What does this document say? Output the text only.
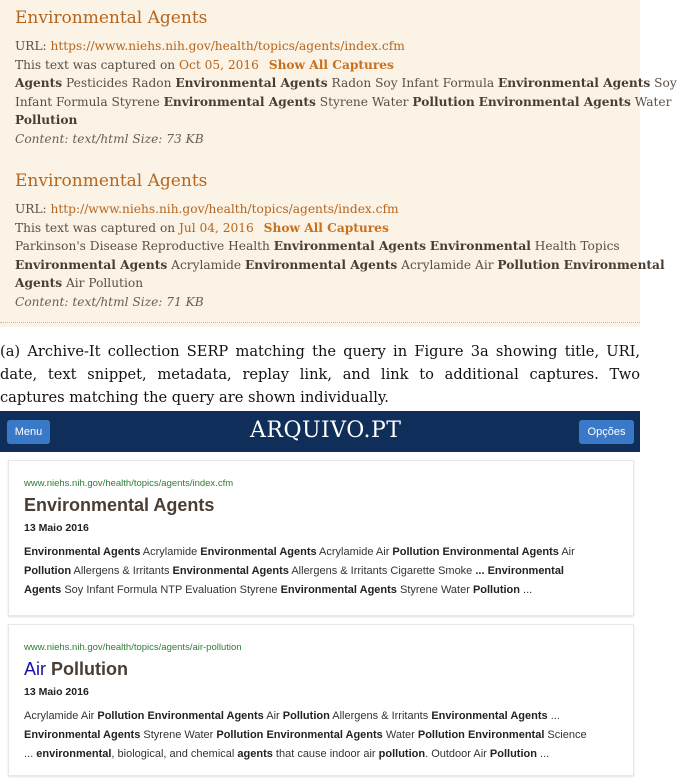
Environmental Agents
URL: https://www.niehs.nih.gov/health/topics/agents/index.cfm
This text was captured on Oct 05, 2016 Show All Captures
Agents Pesticides Radon Environmental Agents Radon Soy Infant Formula Environmental Agents Soy
Infant Formula Styrene Environmental Agents Styrene Water Pollution Environmental Agents Water
Pollution
Content: text/html Size: 73 KB
Environmental Agents
URL: http://www.niehs.nih.gov/health/topics/agents/index.cfm
This text was captured on Jul 04, 2016 Show All Captures
Parkinson's Disease Reproductive Health Environmental Agents Environmental Health Topics
Environmental Agents Acrylamide Environmental Agents Acrylamide Air Pollution Environmental
Agents Air Pollution
Content: text/html Size: 71 KB
(a) Archive-It collection SERP matching the query in Figure 3a showing title, URI, date, text snippet, metadata, replay link, and link to additional captures. Two captures matching the query are shown individually.
Menu	ARQUIVO.PT	Opções
www.niehs.nih.gov/health/topics/agents/index.cfm
Environmental Agents
13 Maio 2016
Environmental Agents Acrylamide Environmental Agents Acrylamide Air Pollution Environmental Agents Air
Pollution Allergens & Irritants Environmental Agents Allergens & Irritants Cigarette Smoke ... Environmental
Agents Soy Infant Formula NTP Evaluation Styrene Environmental Agents Styrene Water Pollution ...
www.niehs.nih.gov/health/topics/agents/air-pollution
Air Pollution
13 Maio 2016
Acrylamide Air Pollution Environmental Agents Air Pollution Allergens & Irritants Environmental Agents ...
Environmental Agents Styrene Water Pollution Environmental Agents Water Pollution Environmental Science
... environmental, biological, and chemical agents that cause indoor air pollution. Outdoor Air Pollution ...
